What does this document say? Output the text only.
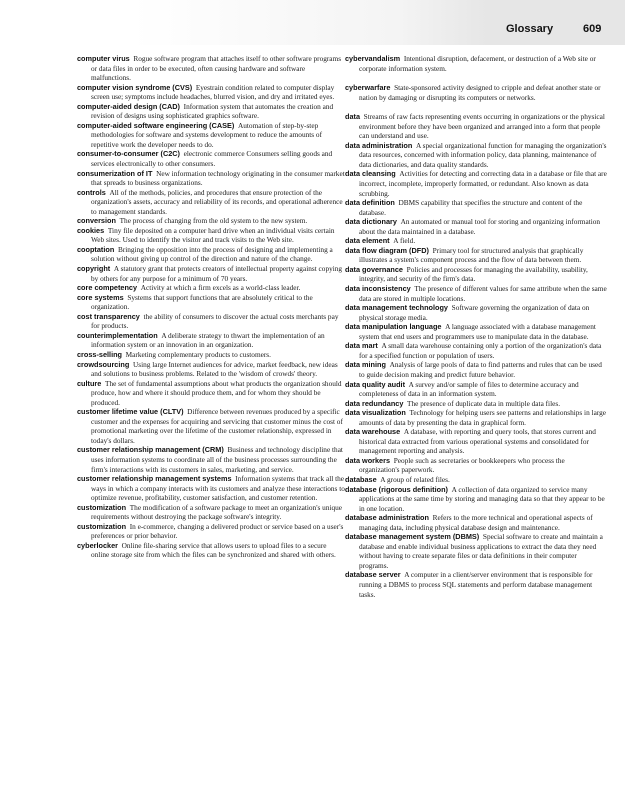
Glossary	609

computer virus Rogue software program that attaches itself to other software programs or data files in order to be executed, often causing hardware and software malfunctions.

computer vision syndrome (CVS) Eyestrain condition related to computer display screen use; symptoms include headaches, blurred vision, and dry and irritated eyes.

computer-aided design (CAD) Information system that automates the creation and revision of designs using sophisticated graphics software.

computer-aided software engineering (CASE) Automation of step-by-step methodologies for software and systems development to reduce the amounts of repetitive work the developer needs to do.

consumer-to-consumer (C2C) electronic commerce Consumers selling goods and services electronically to other consumers.

consumerization of IT New information technology originating in the consumer market that spreads to business organizations.

controls All of the methods, policies, and procedures that ensure protection of the organization's assets, accuracy and reliability of its records, and operational adherence to management standards.

conversion The process of changing from the old system to the new system.

cookies Tiny file deposited on a computer hard drive when an individual visits certain Web sites. Used to identify the visitor and track visits to the Web site.

cooptation Bringing the opposition into the process of designing and implementing a solution without giving up control of the direction and nature of the change.

copyright A statutory grant that protects creators of intellectual property against copying by others for any purpose for a minimum of 70 years.

core competency Activity at which a firm excels as a world-class leader.

core systems Systems that support functions that are absolutely critical to the organization.

cost transparency the ability of consumers to discover the actual costs merchants pay for products.

counterimplementation A deliberate strategy to thwart the implementation of an information system or an innovation in an organization.

cross-selling Marketing complementary products to customers.

crowdsourcing Using large Internet audiences for advice, market feedback, new ideas and solutions to business problems. Related to the 'wisdom of crowds' theory.

culture The set of fundamental assumptions about what products the organization should produce, how and where it should produce them, and for whom they should be produced.

customer lifetime value (CLTV) Difference between revenues produced by a specific customer and the expenses for acquiring and servicing that customer minus the cost of promotional marketing over the lifetime of the customer relationship, expressed in today's dollars.

customer relationship management (CRM) Business and technology discipline that uses information systems to coordinate all of the business processes surrounding the firm's interactions with its customers in sales, marketing, and service.

customer relationship management systems Information systems that track all the ways in which a company interacts with its customers and analyze these interactions to optimize revenue, profitability, customer satisfaction, and customer retention.

customization The modification of a software package to meet an organization's unique requirements without destroying the package software's integrity.

customization In e-commerce, changing a delivered product or service based on a user's preferences or prior behavior.

cyberlocker Online file-sharing service that allows users to upload files to a secure online storage site from which the files can be synchronized and shared with others.

cybervandalism Intentional disruption, defacement, or destruction of a Web site or corporate information system.

cyberwarfare State-sponsored activity designed to cripple and defeat another state or nation by damaging or disrupting its computers or networks.

data Streams of raw facts representing events occurring in organizations or the physical environment before they have been organized and arranged into a form that people can understand and use.

data administration A special organizational function for managing the organization's data resources, concerned with information policy, data planning, maintenance of data dictionaries, and data quality standards.

data cleansing Activities for detecting and correcting data in a database or file that are incorrect, incomplete, improperly formatted, or redundant. Also known as data scrubbing.

data definition DBMS capability that specifies the structure and content of the database.

data dictionary An automated or manual tool for storing and organizing information about the data maintained in a database.

data element A field.

data flow diagram (DFD) Primary tool for structured analysis that graphically illustrates a system's component process and the flow of data between them.

data governance Policies and processes for managing the availability, usability, integrity, and security of the firm's data.

data inconsistency The presence of different values for same attribute when the same data are stored in multiple locations.

data management technology Software governing the organization of data on physical storage media.

data manipulation language A language associated with a database management system that end users and programmers use to manipulate data in the database.

data mart A small data warehouse containing only a portion of the organization's data for a specified function or population of users.

data mining Analysis of large pools of data to find patterns and rules that can be used to guide decision making and predict future behavior.

data quality audit A survey and/or sample of files to determine accuracy and completeness of data in an information system.

data redundancy The presence of duplicate data in multiple data files.

data visualization Technology for helping users see patterns and relationships in large amounts of data by presenting the data in graphical form.

data warehouse A database, with reporting and query tools, that stores current and historical data extracted from various operational systems and consolidated for management reporting and analysis.

data workers People such as secretaries or bookkeepers who process the organization's paperwork.

database A group of related files.

database (rigorous definition) A collection of data organized to service many applications at the same time by storing and managing data so that they appear to be in one location.

database administration Refers to the more technical and operational aspects of managing data, including physical database design and maintenance.

database management system (DBMS) Special software to create and maintain a database and enable individual business applications to extract the data they need without having to create separate files or data definitions in their computer programs.

database server A computer in a client/server environment that is responsible for running a DBMS to process SQL statements and perform database management tasks.
